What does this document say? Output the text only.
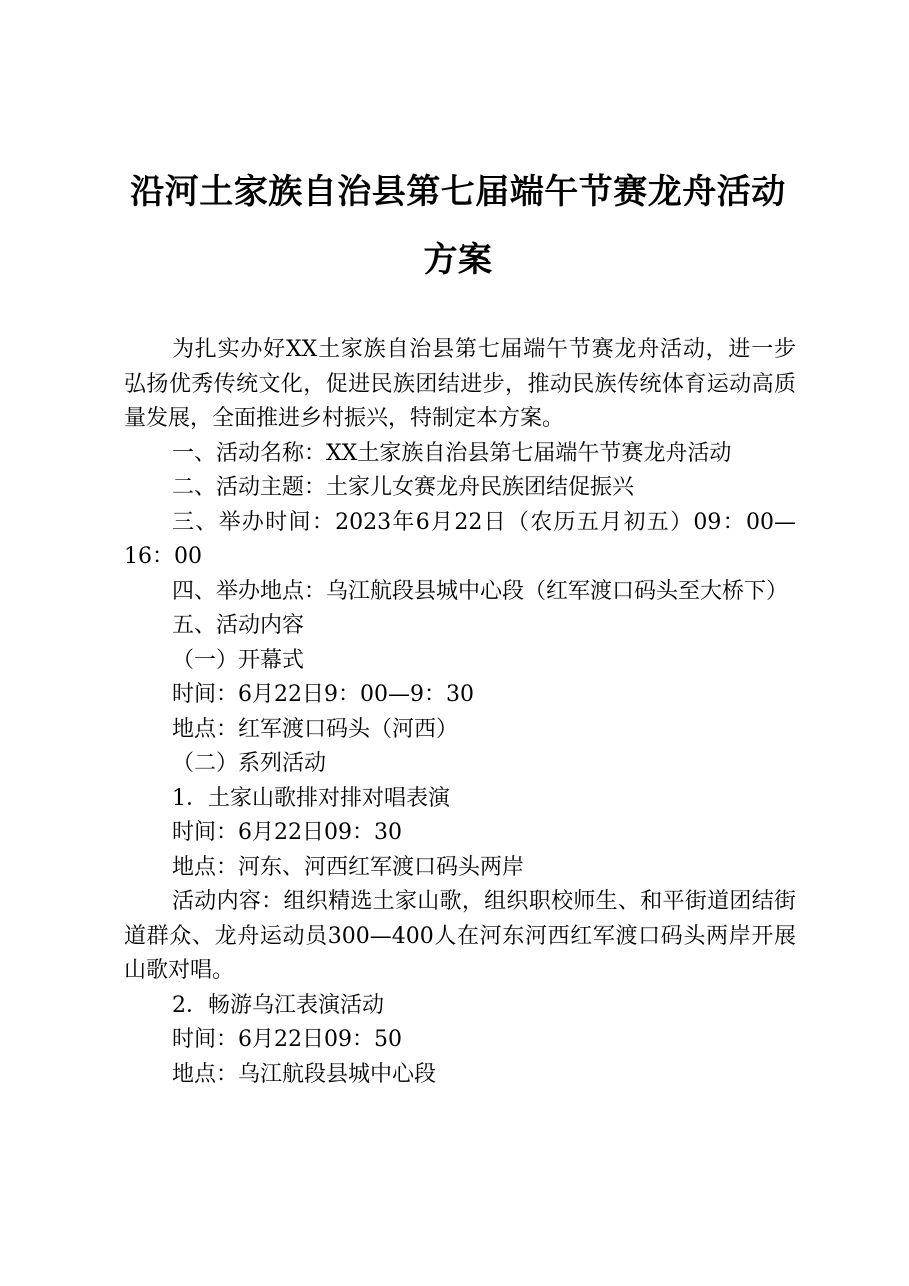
沿河土家族自治县第七届端午节赛龙舟活动方案

为扎实办好XX土家族自治县第七届端午节赛龙舟活动，进一步弘扬优秀传统文化，促进民族团结进步，推动民族传统体育运动高质量发展，全面推进乡村振兴，特制定本方案。

一、活动名称：XX土家族自治县第七届端午节赛龙舟活动

二、活动主题：土家儿女赛龙舟民族团结促振兴

三、举办时间：2023年6月22日（农历五月初五）09：00—16：00

四、举办地点：乌江航段县城中心段（红军渡口码头至大桥下）

五、活动内容

（一）开幕式

时间：6月22日9：00—9：30

地点：红军渡口码头（河西）

（二）系列活动

1．土家山歌排对排对唱表演

时间：6月22日09：30

地点：河东、河西红军渡口码头两岸

活动内容：组织精选土家山歌，组织职校师生、和平街道团结街道群众、龙舟运动员300—400人在河东河西红军渡口码头两岸开展山歌对唱。

2．畅游乌江表演活动

时间：6月22日09：50

地点：乌江航段县城中心段
